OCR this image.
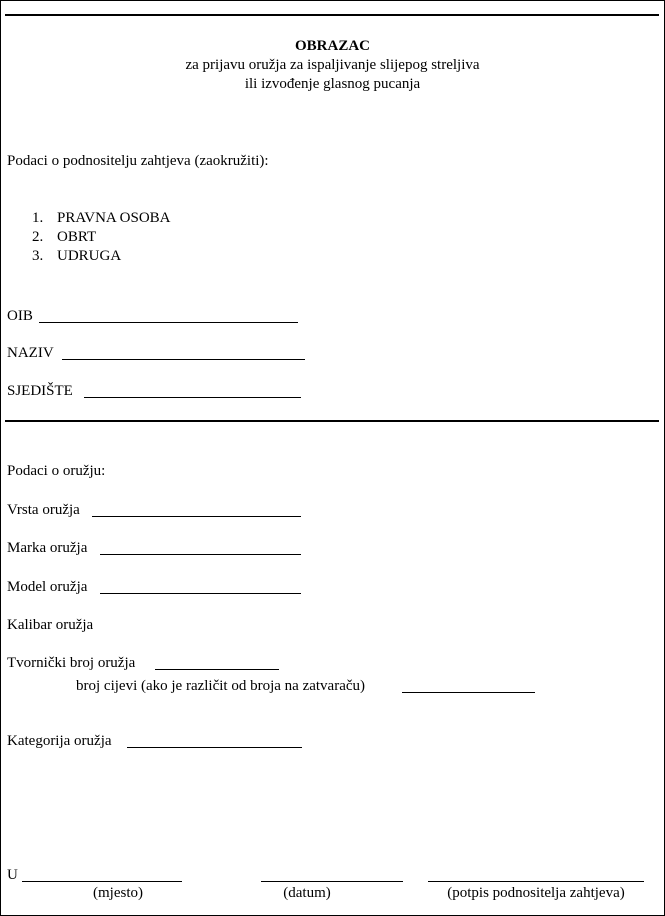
OBRAZAC
za prijavu oružja za ispaljivanje slijepog streljiva
ili izvođenje glasnog pucanja
Podaci o podnositelju zahtjeva (zaokružiti):
1. PRAVNA OSOBA
2. OBRT
3. UDRUGA
OIB
NAZIV
SJEDIŠTE
Podaci o oružju:
Vrsta oružja
Marka oružja
Model oružja
Kalibar oružja
Tvornički broj oružja
broj cijevi (ako je različit od broja na zatvaraču)
Kategorija oružja
U
(mjesto)	(datum)	(potpis podnositelja zahtjeva)
